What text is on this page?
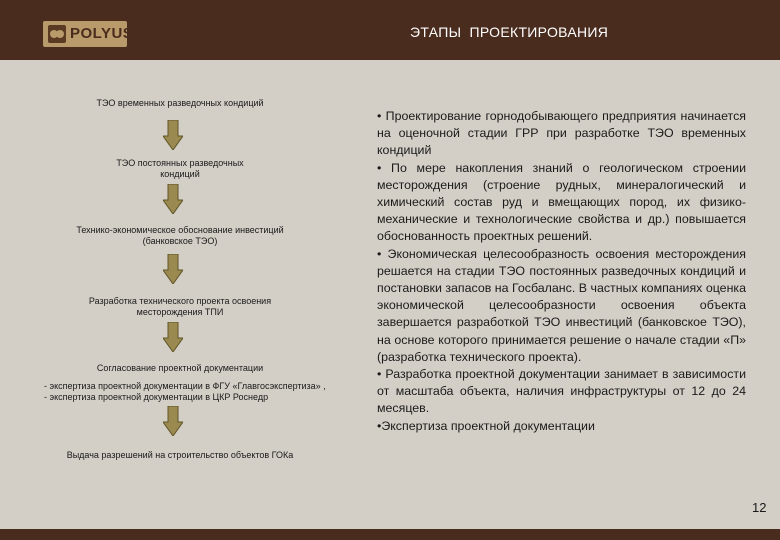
POLYUS	ЭТАПЫ ПРОЕКТИРОВАНИЯ
ТЭО временных разведочных кондиций
ТЭО постоянных разведочных
кондиций
Технико-экономическое обоснование инвестиций
(банковское ТЭО)
Разработка технического проекта освоения
месторождения ТПИ
Согласование проектной документации
- экспертиза проектной документации в ФГУ «Главгосэкспертиза» ,
- экспертиза проектной документации в ЦКР Роснедр
Выдача разрешений на строительство объектов ГОКа
• Проектирование горнодобывающего предприятия начинается на оценочной стадии ГРР при разработке ТЭО временных кондиций
• По мере накопления знаний о геологическом строении месторождения (строение рудных, минералогический и химический состав руд и вмещающих пород, их физико-механические и технологические свойства и др.) повышается обоснованность проектных решений.
• Экономическая целесообразность освоения месторождения решается на стадии ТЭО постоянных разведочных кондиций и постановки запасов на Госбаланс. В частных компаниях оценка экономической целесообразности освоения объекта завершается разработкой ТЭО инвестиций (банковское ТЭО), на основе которого принимается решение о начале стадии «П» (разработка технического проекта).
• Разработка проектной документации занимает в зависимости от масштаба объекта, наличия инфраструктуры от 12 до 24 месяцев.
•Экспертиза проектной документации
12
